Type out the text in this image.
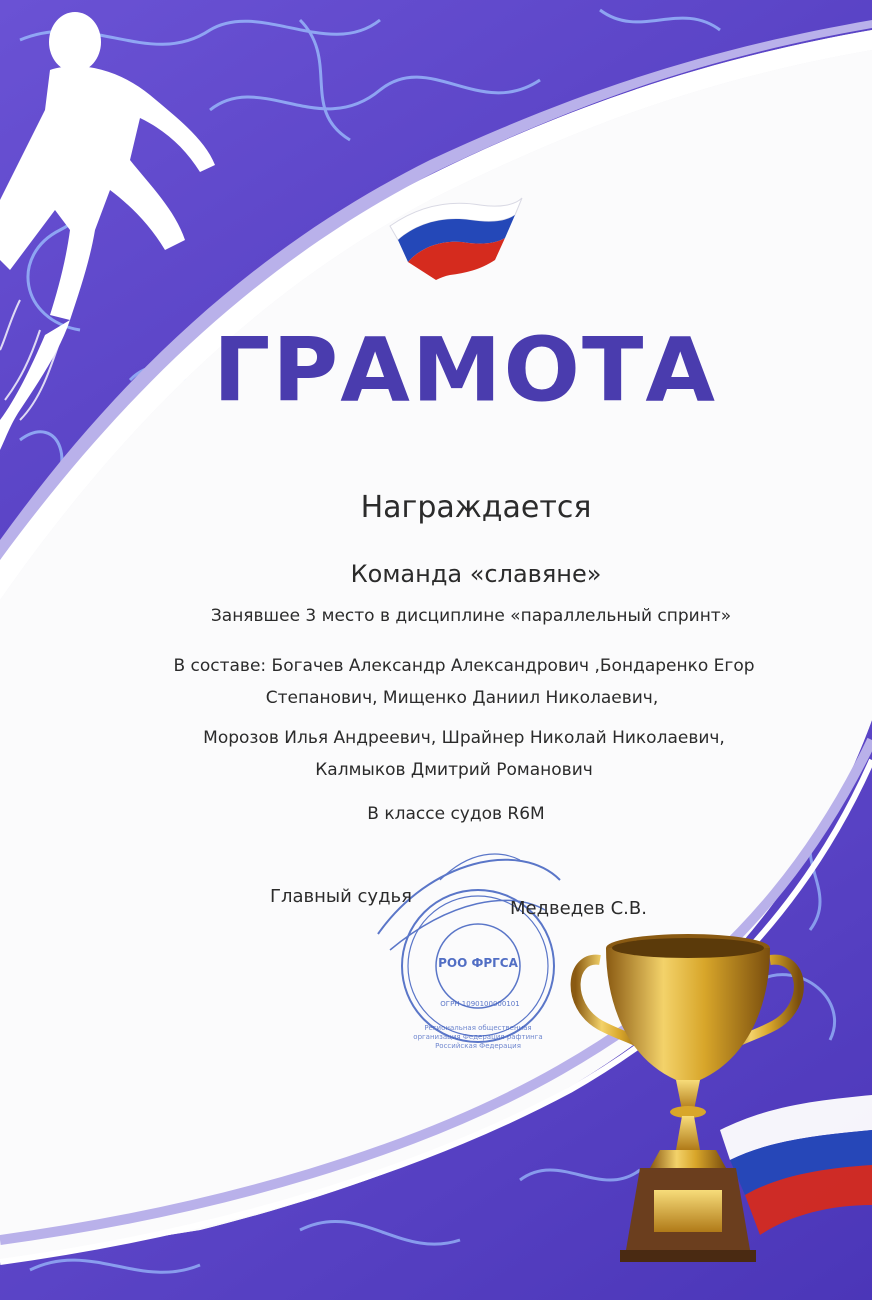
ГРАМОТА
Награждается
Команда «славяне»
Занявшее 3 место в дисциплине «параллельный спринт»
В составе: Богачев Александр Александрович ,Бондаренко Егор
Степанович, Мищенко Даниил Николаевич,
Морозов Илья Андреевич, Шрайнер Николай Николаевич,
Калмыков Дмитрий Романович
В классе судов R6M
Главный судья
Медведев С.В.
РОО ФРГСА
ОГРН 1090100000101
Региональная общественная организация Федерация рафтинга Российская Федерация
